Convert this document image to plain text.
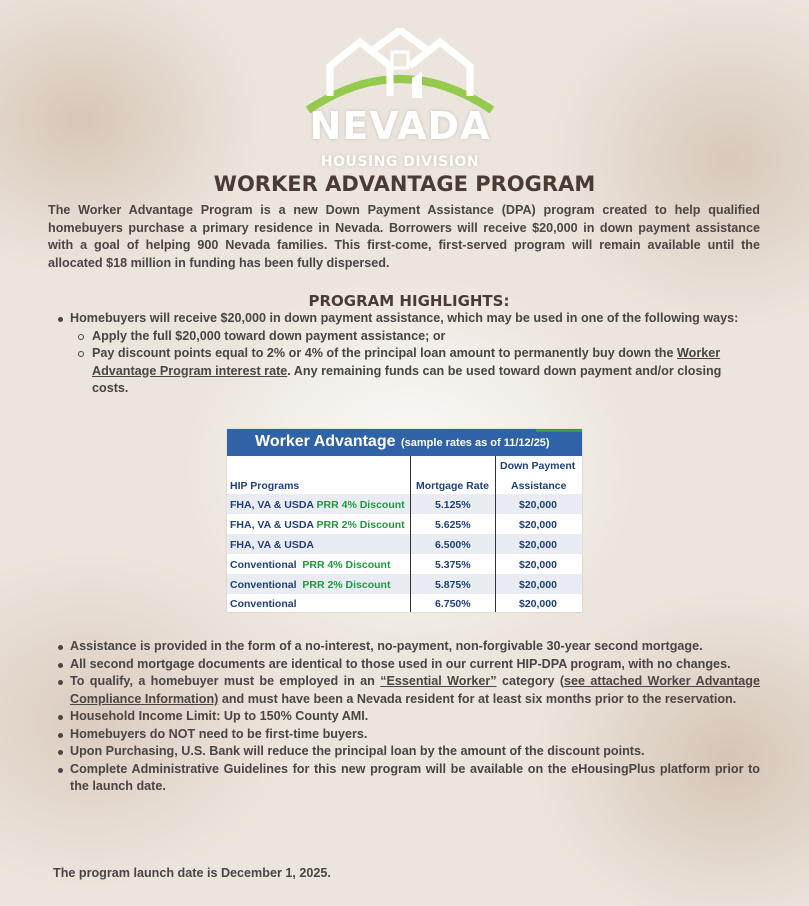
NEVADA
HOUSING DIVISION
WORKER ADVANTAGE PROGRAM
The Worker Advantage Program is a new Down Payment Assistance (DPA) program created to help qualified homebuyers purchase a primary residence in Nevada. Borrowers will receive $20,000 in down payment assistance with a goal of helping 900 Nevada families. This first-come, first-served program will remain available until the allocated $18 million in funding has been fully dispersed.
PROGRAM HIGHLIGHTS:
Homebuyers will receive $20,000 in down payment assistance, which may be used in one of the following ways:
Apply the full $20,000 toward down payment assistance; or
Pay discount points equal to 2% or 4% of the principal loan amount to permanently buy down the Worker Advantage Program interest rate. Any remaining funds can be used toward down payment and/or closing costs.
Worker Advantage (sample rates as of 11/12/25)
HIP Programs	Mortgage Rate
Down Payment
Assistance
FHA, VA & USDA PRR 4% Discount	5.125%	$20,000
FHA, VA & USDA PRR 2% Discount	5.625%	$20,000
FHA, VA & USDA	6.500%	$20,000
Conventional PRR 4% Discount	5.375%	$20,000
Conventional PRR 2% Discount	5.875%	$20,000
Conventional	6.750%	$20,000
Assistance is provided in the form of a no-interest, no-payment, non-forgivable 30-year second mortgage.
All second mortgage documents are identical to those used in our current HIP-DPA program, with no changes.
To qualify, a homebuyer must be employed in an “Essential Worker” category (see attached Worker Advantage Compliance Information) and must have been a Nevada resident for at least six months prior to the reservation.
Household Income Limit: Up to 150% County AMI.
Homebuyers do NOT need to be first-time buyers.
Upon Purchasing, U.S. Bank will reduce the principal loan by the amount of the discount points.
Complete Administrative Guidelines for this new program will be available on the eHousingPlus platform prior to the launch date.
The program launch date is December 1, 2025.
